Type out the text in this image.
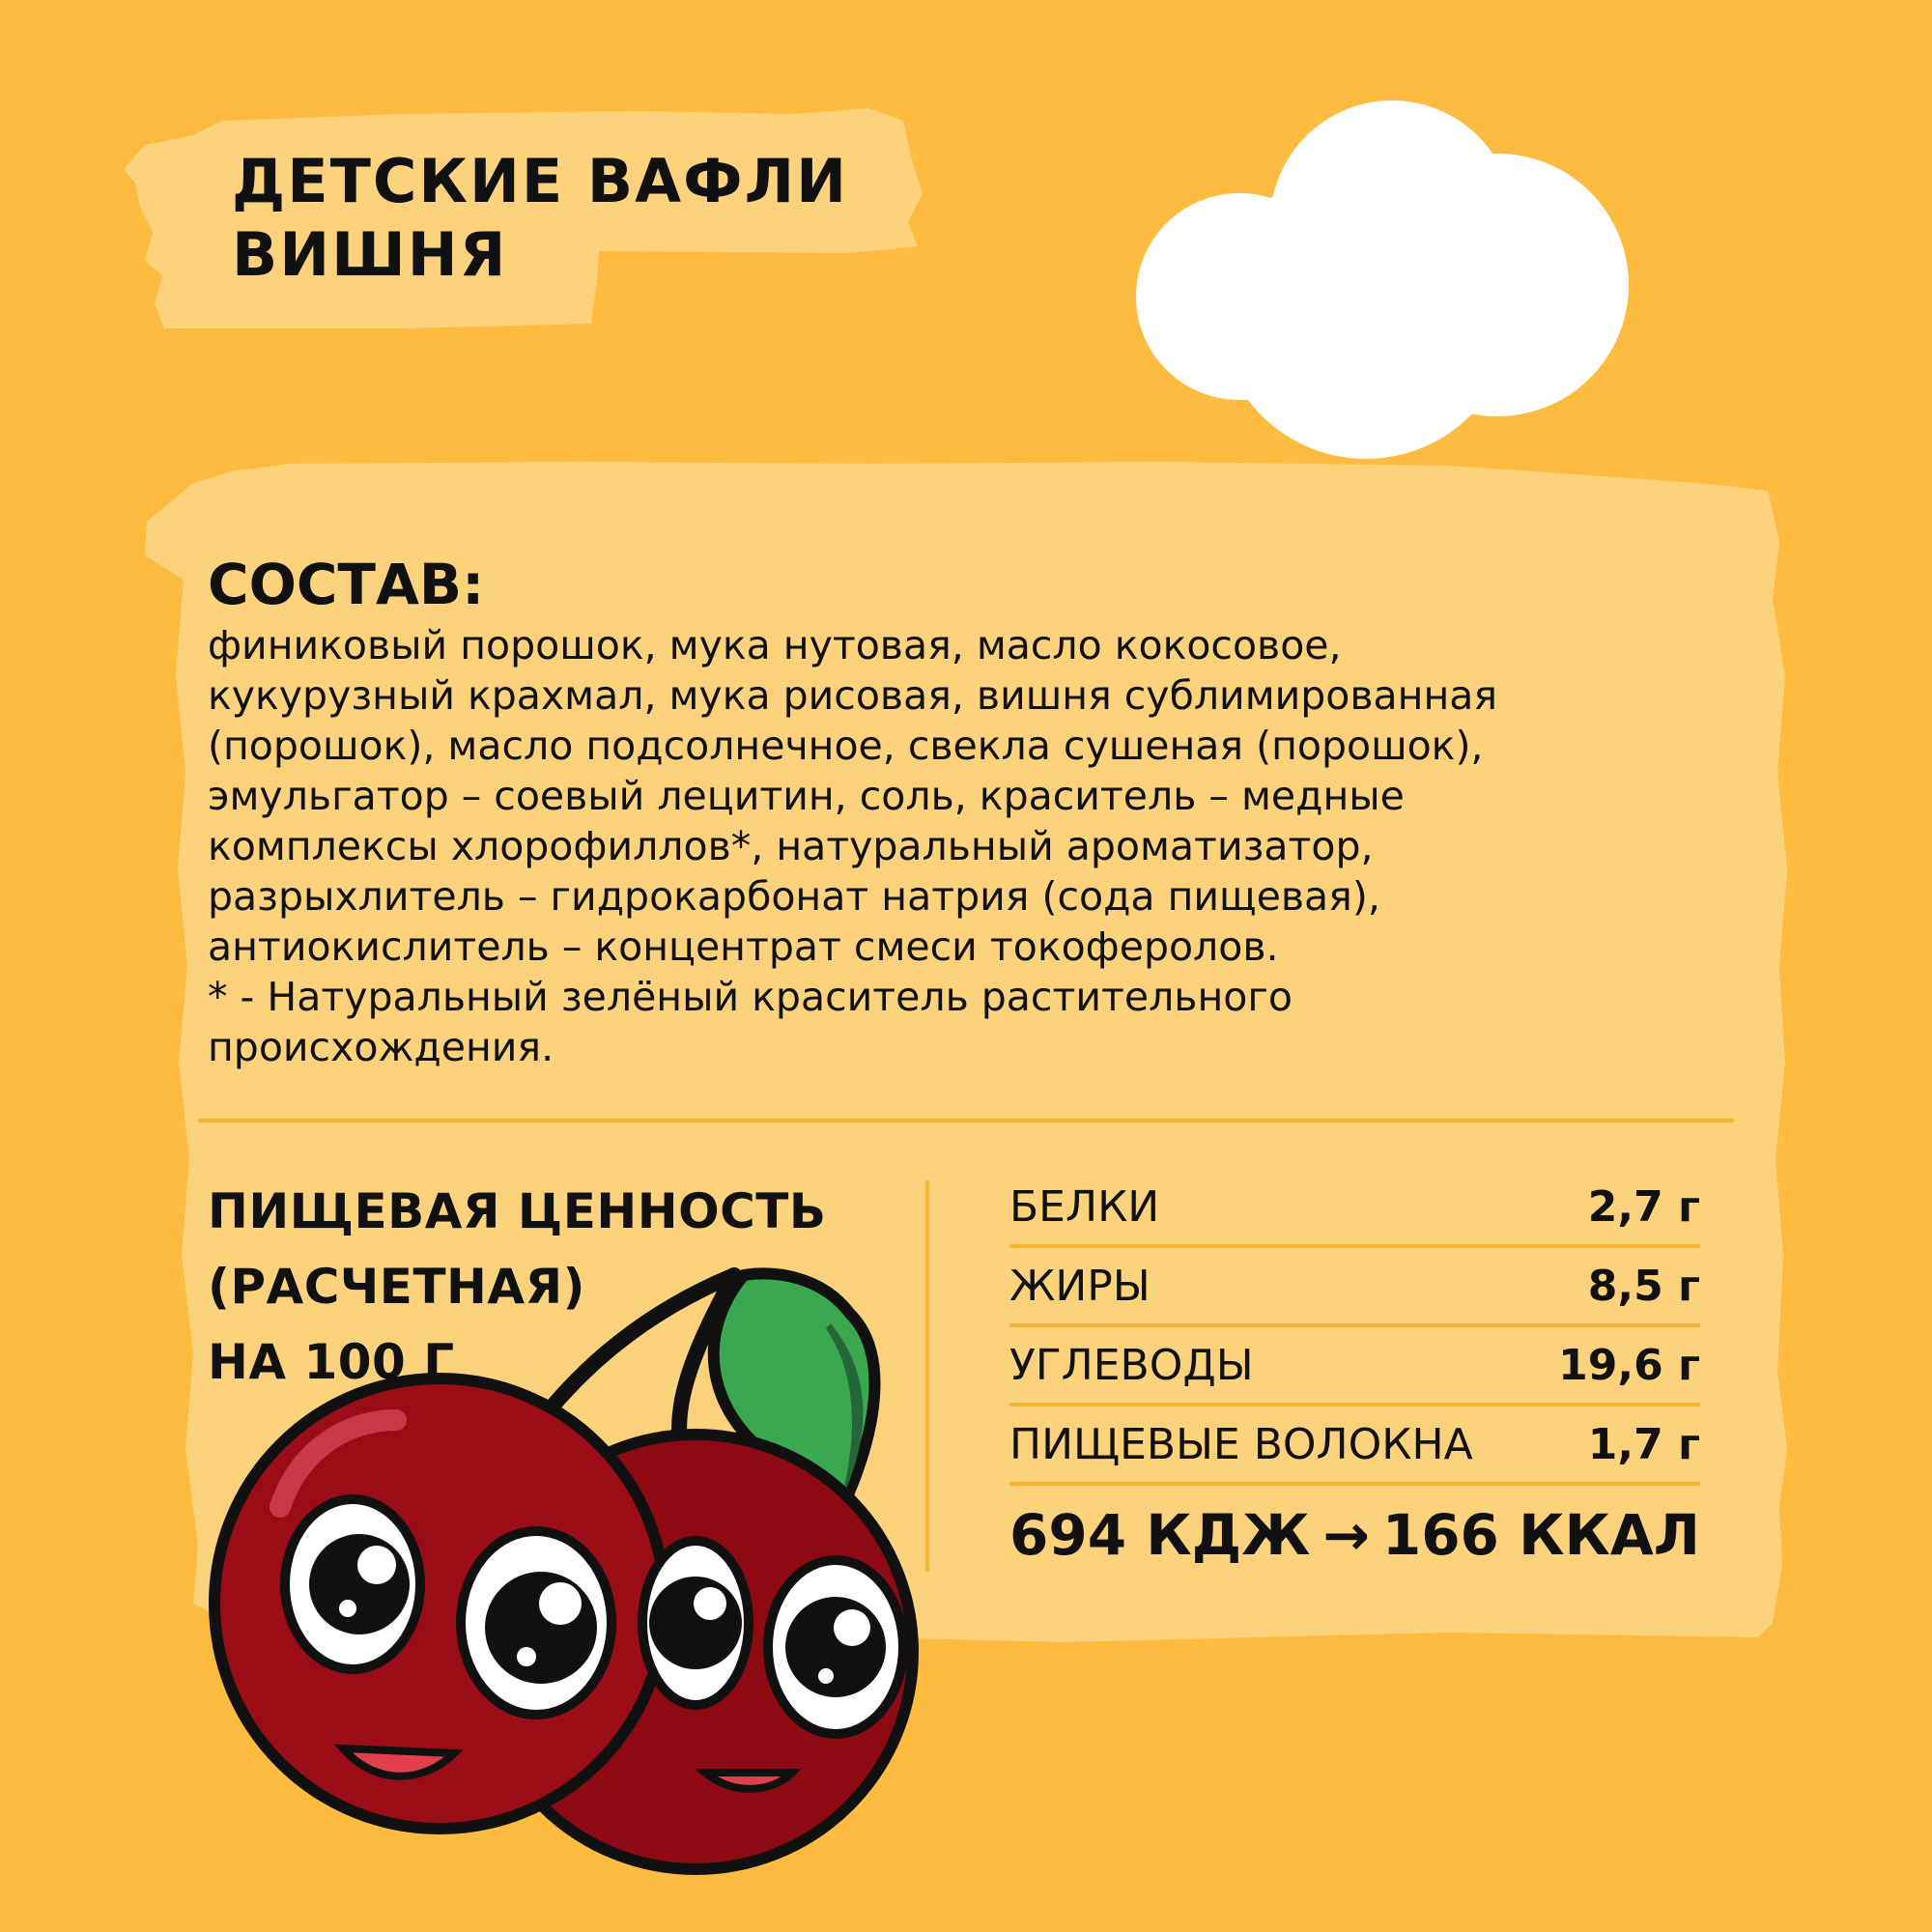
ДЕТСКИЕ ВАФЛИ
ВИШНЯ
СОСТАВ:
финиковый порошок, мука нутовая, масло кокосовое,
кукурузный крахмал, мука рисовая, вишня сублимированная
(порошок), масло подсолнечное, свекла сушеная (порошок),
эмульгатор – соевый лецитин, соль, краситель – медные
комплексы хлорофиллов*, натуральный ароматизатор,
разрыхлитель – гидрокарбонат натрия (сода пищевая),
антиокислитель – концентрат смеси токоферолов.
* - Натуральный зелёный краситель растительного
происхождения.
ПИЩЕВАЯ ЦЕННОСТЬ
(РАСЧЕТНАЯ)
НА 100 Г
БЕЛКИ	2,7 г
ЖИРЫ	8,5 г
УГЛЕВОДЫ	19,6 г
ПИЩЕВЫЕ ВОЛОКНА	1,7 г
694 КДЖ → 166 ККАЛ
